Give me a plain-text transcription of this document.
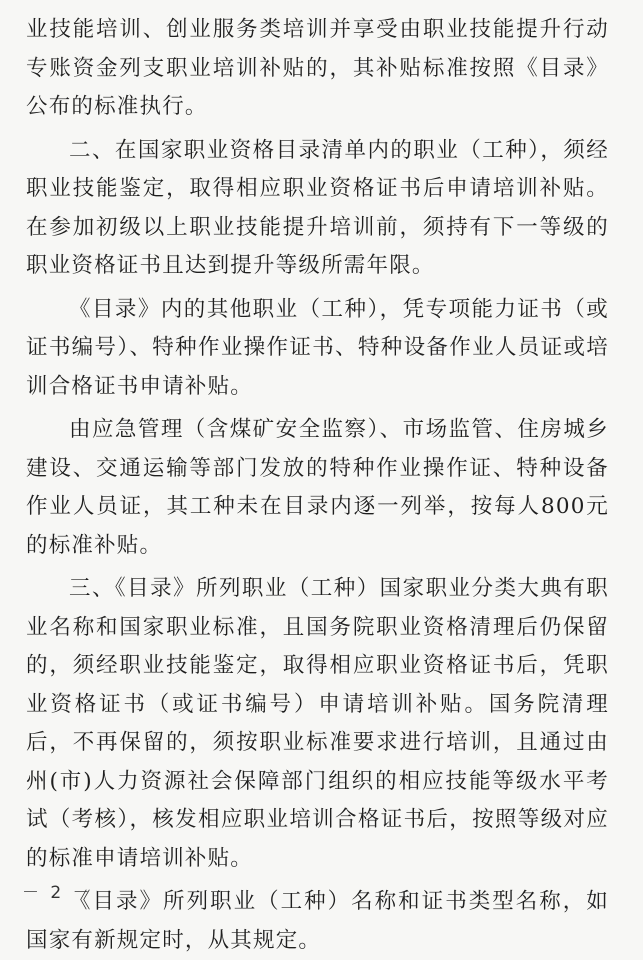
业技能培训、创业服务类培训并享受由职业技能提升行动专账资金列支职业培训补贴的，其补贴标准按照《目录》公布的标准执行。

二、在国家职业资格目录清单内的职业（工种），须经职业技能鉴定，取得相应职业资格证书后申请培训补贴。在参加初级以上职业技能提升培训前，须持有下一等级的职业资格证书且达到提升等级所需年限。

《目录》内的其他职业（工种），凭专项能力证书（或证书编号）、特种作业操作证书、特种设备作业人员证或培训合格证书申请补贴。

由应急管理（含煤矿安全监察）、市场监管、住房城乡建设、交通运输等部门发放的特种作业操作证、特种设备作业人员证，其工种未在目录内逐一列举，按每人800元的标准补贴。

三、《目录》所列职业（工种）国家职业分类大典有职业名称和国家职业标准，且国务院职业资格清理后仍保留的，须经职业技能鉴定，取得相应职业资格证书后，凭职业资格证书（或证书编号）申请培训补贴。国务院清理后，不再保留的，须按职业标准要求进行培训，且通过由州(市)人力资源社会保障部门组织的相应技能等级水平考试（考核），核发相应职业培训合格证书后，按照等级对应的标准申请培训补贴。

《目录》所列职业（工种）名称和证书类型名称，如国家有新规定时，从其规定。

－ 2 －
